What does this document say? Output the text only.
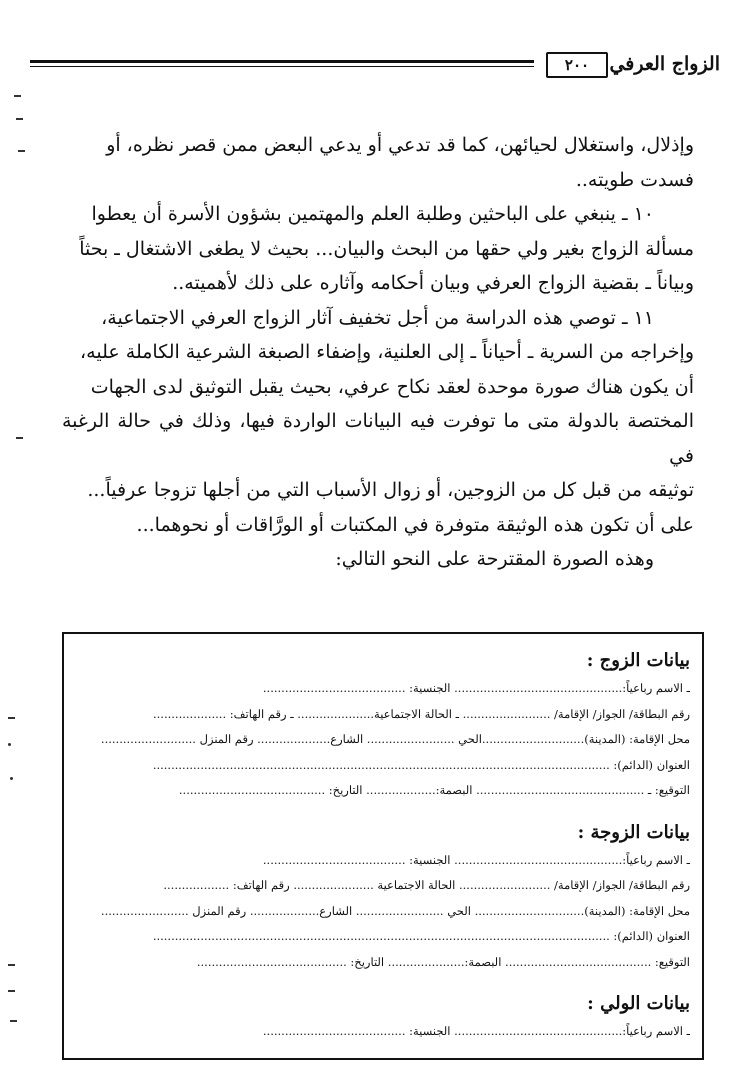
الزواج العرفي
٢٠٠

وإذلال، واستغلال لحيائهن، كما قد تدعي أو يدعي البعض ممن قصر نظره، أو
فسدت طويته..

١٠ ـ ينبغي على الباحثين وطلبة العلم والمهتمين بشؤون الأسرة أن يعطوا
مسألة الزواج بغير ولي حقها من البحث والبيان... بحيث لا يطغى الاشتغال ـ بحثاً
وبياناً ـ بقضية الزواج العرفي وبيان أحكامه وآثاره على ذلك لأهميته..

١١ ـ توصي هذه الدراسة من أجل تخفيف آثار الزواج العرفي الاجتماعية،
وإخراجه من السرية ـ أحياناً ـ إلى العلنية، وإضفاء الصبغة الشرعية الكاملة عليه،
أن يكون هناك صورة موحدة لعقد نكاح عرفي، بحيث يقبل التوثيق لدى الجهات
المختصة بالدولة متى ما توفرت فيه البيانات الواردة فيها، وذلك في حالة الرغبة في
توثيقه من قبل كل من الزوجين، أو زوال الأسباب التي من أجلها تزوجا عرفياً...
على أن تكون هذه الوثيقة متوفرة في المكتبات أو الورَّاقات أو نحوهما...
وهذه الصورة المقترحة على النحو التالي:

بيانات الزوج :
ـ الاسم رباعياً:.............................................. الجنسية: .......................................
رقم البطاقة/ الجواز/ الإقامة/ ........................ ـ الحالة الاجتماعية..................... ـ رقم الهاتف: ....................
محل الإقامة: (المدينة)............................الحي ........................ الشارع.................... رقم المنزل ..........................
العنوان (الدائم): .............................................................................................................................
التوقيع: ـ .............................................. البصمة:................... التاريخ: ........................................
بيانات الزوجة :
ـ الاسم رباعياً:.............................................. الجنسية: .......................................
رقم البطاقة/ الجواز/ الإقامة/ ......................... الحالة الاجتماعية ...................... رقم الهاتف: ..................
محل الإقامة: (المدينة).............................. الحي ........................ الشارع................... رقم المنزل ........................
العنوان (الدائم): .............................................................................................................................
التوقيع: ........................................ البصمة:..................... التاريخ: .........................................
بيانات الولي :
ـ الاسم رباعياً:.............................................. الجنسية: .......................................
